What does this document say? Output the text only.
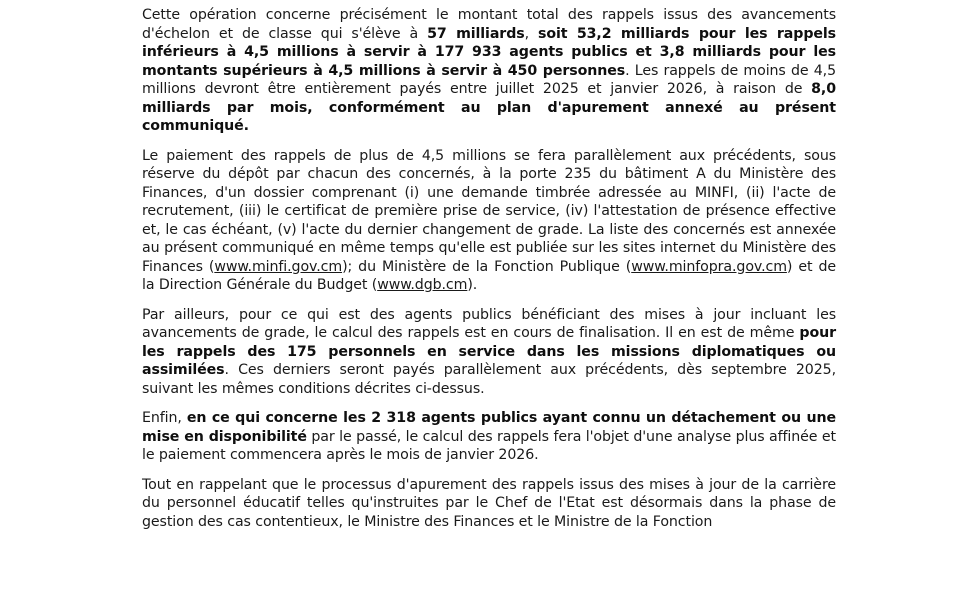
Cette opération concerne précisément le montant total des rappels issus des avancements d'échelon et de classe qui s'élève à 57 milliards, soit 53,2 milliards pour les rappels inférieurs à 4,5 millions à servir à 177 933 agents publics et 3,8 milliards pour les montants supérieurs à 4,5 millions à servir à 450 personnes. Les rappels de moins de 4,5 millions devront être entièrement payés entre juillet 2025 et janvier 2026, à raison de 8,0 milliards par mois, conformément au plan d'apurement annexé au présent communiqué.

Le paiement des rappels de plus de 4,5 millions se fera parallèlement aux précédents, sous réserve du dépôt par chacun des concernés, à la porte 235 du bâtiment A du Ministère des Finances, d'un dossier comprenant (i) une demande timbrée adressée au MINFI, (ii) l'acte de recrutement, (iii) le certificat de première prise de service, (iv) l'attestation de présence effective et, le cas échéant, (v) l'acte du dernier changement de grade. La liste des concernés est annexée au présent communiqué en même temps qu'elle est publiée sur les sites internet du Ministère des Finances (www.minfi.gov.cm); du Ministère de la Fonction Publique (www.minfopra.gov.cm) et de la Direction Générale du Budget (www.dgb.cm).

Par ailleurs, pour ce qui est des agents publics bénéficiant des mises à jour incluant les avancements de grade, le calcul des rappels est en cours de finalisation. Il en est de même pour les rappels des 175 personnels en service dans les missions diplomatiques ou assimilées. Ces derniers seront payés parallèlement aux précédents, dès septembre 2025, suivant les mêmes conditions décrites ci-dessus.

Enfin, en ce qui concerne les 2 318 agents publics ayant connu un détachement ou une mise en disponibilité par le passé, le calcul des rappels fera l'objet d'une analyse plus affinée et le paiement commencera après le mois de janvier 2026.

Tout en rappelant que le processus d'apurement des rappels issus des mises à jour de la carrière du personnel éducatif telles qu'instruites par le Chef de l'Etat est désormais dans la phase de gestion des cas contentieux, le Ministre des Finances et le Ministre de la Fonction
